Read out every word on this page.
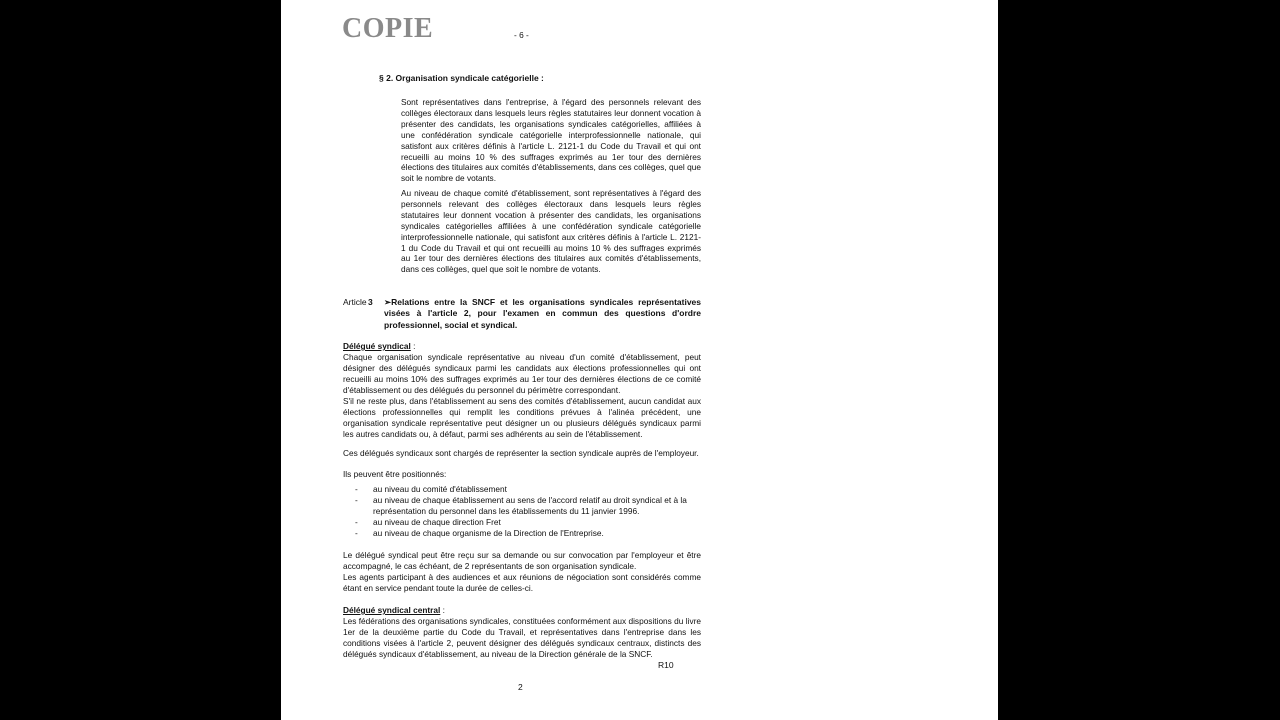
COPIE	- 6 -
§ 2. Organisation syndicale catégorielle :
Sont représentatives dans l'entreprise, à l'égard des personnels relevant des collèges électoraux dans lesquels leurs règles statutaires leur donnent vocation à présenter des candidats, les organisations syndicales catégorielles, affiliées à une confédération syndicale catégorielle interprofessionnelle nationale, qui satisfont aux critères définis à l'article L. 2121-1 du Code du Travail et qui ont recueilli au moins 10 % des suffrages exprimés au 1er tour des dernières élections des titulaires aux comités d'établissements, dans ces collèges, quel que soit le nombre de votants.
Au niveau de chaque comité d'établissement, sont représentatives à l'égard des personnels relevant des collèges électoraux dans lesquels leurs règles statutaires leur donnent vocation à présenter des candidats, les organisations syndicales catégorielles affiliées à une confédération syndicale catégorielle interprofessionnelle nationale, qui satisfont aux critères définis à l'article L. 2121-1 du Code du Travail et qui ont recueilli au moins 10 % des suffrages exprimés au 1er tour des dernières élections des titulaires aux comités d'établissements, dans ces collèges, quel que soit le nombre de votants.
Article 3 ➢Relations entre la SNCF et les organisations syndicales représentatives visées à l'article 2, pour l'examen en commun des questions d'ordre professionnel, social et syndical.
Délégué syndical :
Chaque organisation syndicale représentative au niveau d'un comité d'établissement, peut désigner des délégués syndicaux parmi les candidats aux élections professionnelles qui ont recueilli au moins 10% des suffrages exprimés au 1er tour des dernières élections de ce comité d'établissement ou des délégués du personnel du périmètre correspondant.
S'il ne reste plus, dans l'établissement au sens des comités d'établissement, aucun candidat aux élections professionnelles qui remplit les conditions prévues à l'alinéa précédent, une organisation syndicale représentative peut désigner un ou plusieurs délégués syndicaux parmi les autres candidats ou, à défaut, parmi ses adhérents au sein de l'établissement.
Ces délégués syndicaux sont chargés de représenter la section syndicale auprès de l'employeur.
Ils peuvent être positionnés:
-	au niveau du comité d'établissement
-	au niveau de chaque établissement au sens de l'accord relatif au droit syndical et à la représentation du personnel dans les établissements du 11 janvier 1996.
-	au niveau de chaque direction Fret
-	au niveau de chaque organisme de la Direction de l'Entreprise.
Le délégué syndical peut être reçu sur sa demande ou sur convocation par l'employeur et être accompagné, le cas échéant, de 2 représentants de son organisation syndicale.
Les agents participant à des audiences et aux réunions de négociation sont considérés comme étant en service pendant toute la durée de celles-ci.
Délégué syndical central :
Les fédérations des organisations syndicales, constituées conformément aux dispositions du livre 1er de la deuxième partie du Code du Travail, et représentatives dans l'entreprise dans les conditions visées à l'article 2, peuvent désigner des délégués syndicaux centraux, distincts des délégués syndicaux d'établissement, au niveau de la Direction générale de la SNCF.
R10
2
